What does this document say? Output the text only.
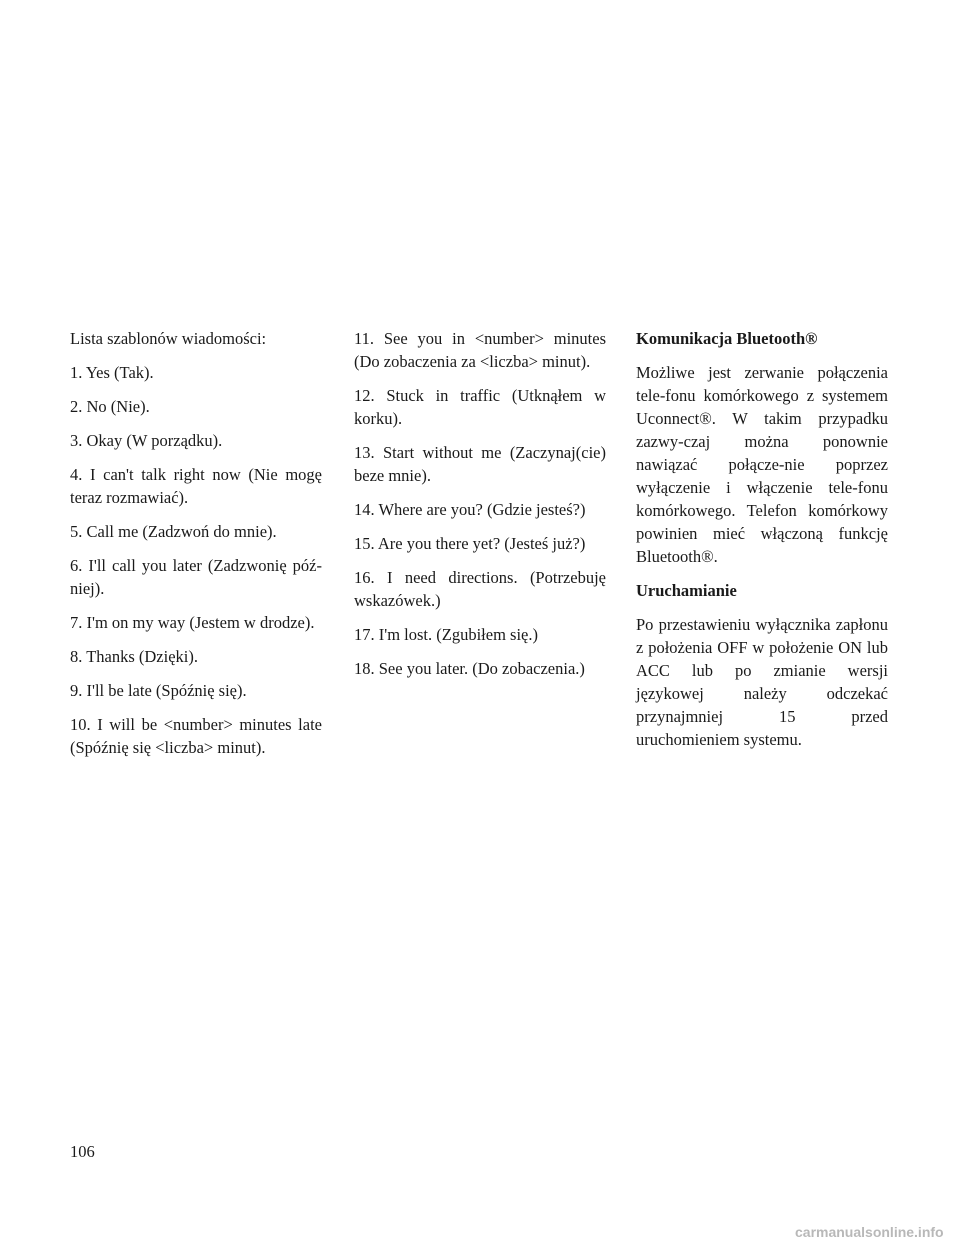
Lista szablonów wiadomości:

1. Yes (Tak).

2. No (Nie).

3. Okay (W porządku).

4. I can't talk right now (Nie mogę teraz rozmawiać).

5. Call me (Zadzwoń do mnie).

6. I'll call you later (Zadzwonię póź-niej).

7. I'm on my way (Jestem w drodze).

8. Thanks (Dzięki).

9. I'll be late (Spóźnię się).

10. I will be <number> minutes late (Spóźnię się <liczba> minut).

11. See you in <number> minutes (Do zobaczenia za <liczba> minut).

12. Stuck in traffic (Utknąłem w korku).

13. Start without me (Zaczynaj(cie) beze mnie).

14. Where are you? (Gdzie jesteś?)

15. Are you there yet? (Jesteś już?)

16. I need directions. (Potrzebuję wskazówek.)

17. I'm lost. (Zgubiłem się.)

18. See you later. (Do zobaczenia.)

Komunikacja Bluetooth®

Możliwe jest zerwanie połączenia tele-fonu komórkowego z systemem Uconnect®. W takim przypadku zazwy-czaj można ponownie nawiązać połącze-nie poprzez wyłączenie i włączenie tele-fonu komórkowego. Telefon komórkowy powinien mieć włączoną funkcję Bluetooth®.

Uruchamianie

Po przestawieniu wyłącznika zapłonu z położenia OFF w położenie ON lub ACC lub po zmianie wersji językowej należy odczekać przynajmniej 15 przed uruchomieniem systemu.

106
carmanualsonline.info
